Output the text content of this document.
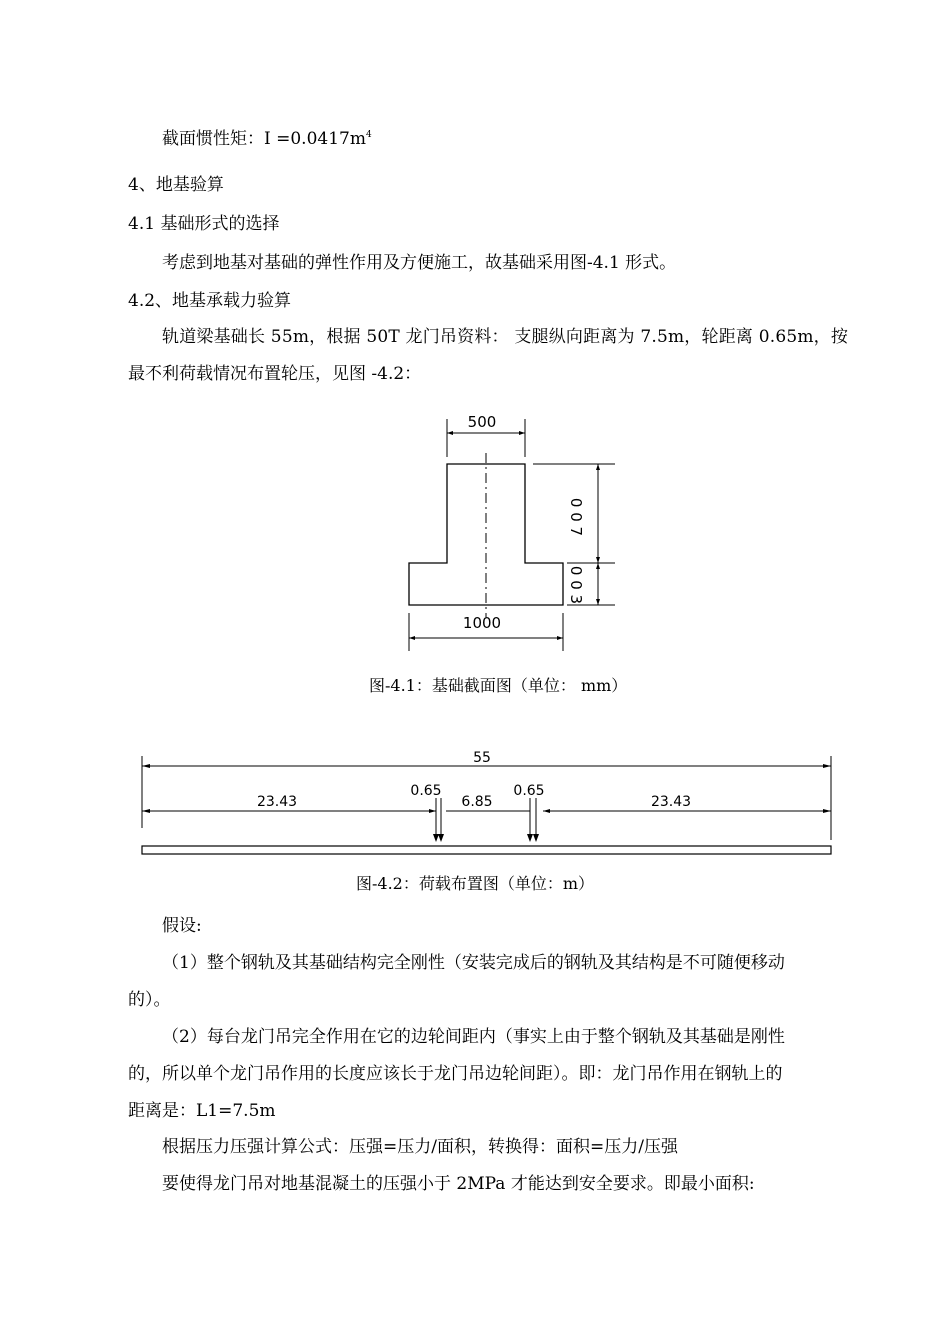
截面惯性矩：Ⅰ $=0.0417m^4$
4、地基验算
4.1 基础形式的选择
考虑到地基对基础的弹性作用及方便施工，故基础采用图-4.1 形式。
4.2、地基承载力验算
轨道梁基础长 55m，根据 50T 龙门吊资料： 支腿纵向距离为 7.5m，轮距离 0.65m，按
最不利荷载情况布置轮压，见图 -4.2：
500
1000
0 0 7
0 0 3
图-4.1：基础截面图（单位： mm）
55
23.43
0.65
6.85
0.65
23.43
图-4.2：荷载布置图（单位：m）
假设:
（1）整个钢轨及其基础结构完全刚性（安装完成后的钢轨及其结构是不可随便移动
的）。
（2）每台龙门吊完全作用在它的边轮间距内（事实上由于整个钢轨及其基础是刚性
的，所以单个龙门吊作用的长度应该长于龙门吊边轮间距）。即：龙门吊作用在钢轨上的
距离是：L1=7.5m
根据压力压强计算公式：压强=压力/面积，转换得：面积=压力/压强
要使得龙门吊对地基混凝土的压强小于 2MPa 才能达到安全要求。即最小面积:
